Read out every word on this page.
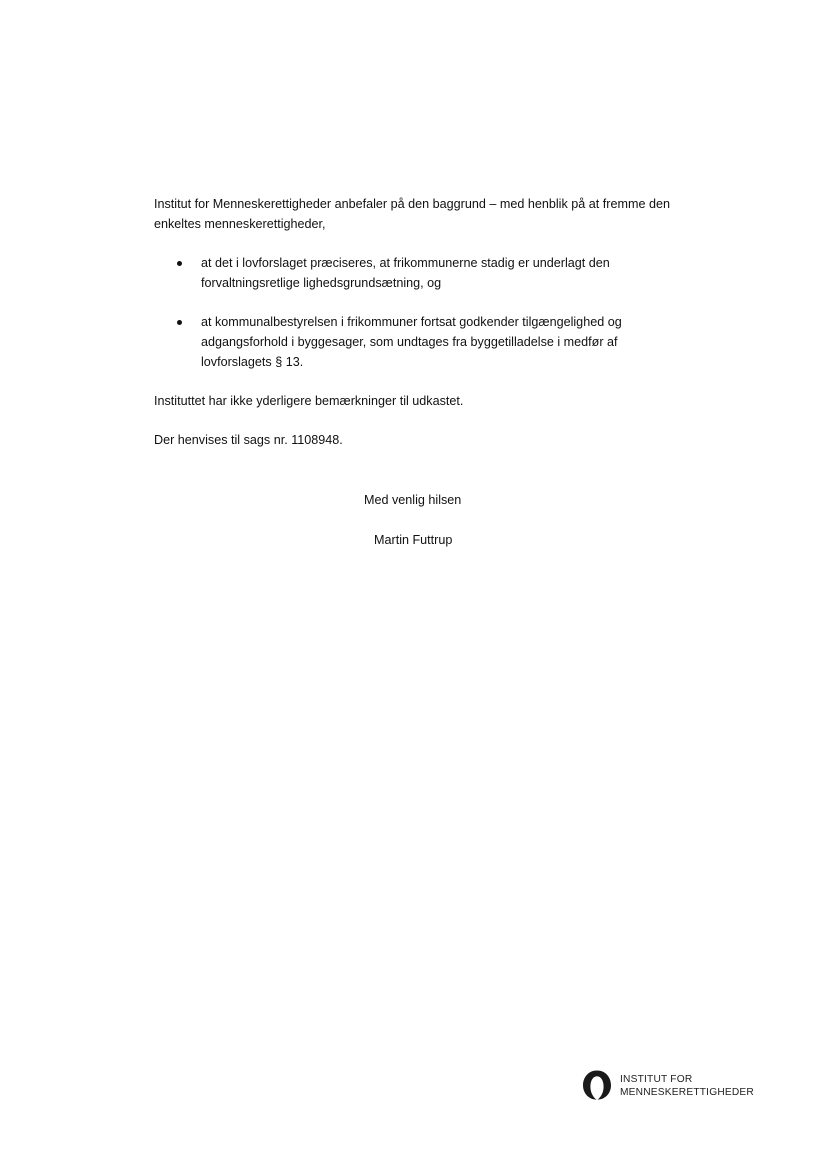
Institut for Menneskerettigheder anbefaler på den baggrund – med henblik på at fremme den enkeltes menneskerettigheder,
at det i lovforslaget præciseres, at frikommunerne stadig er underlagt den
forvaltningsretlige lighedsgrundsætning, og
at kommunalbestyrelsen i frikommuner fortsat godkender tilgængelighed og
adgangsforhold i byggesager, som undtages fra byggetilladelse i medfør af
lovforslagets § 13.
Instituttet har ikke yderligere bemærkninger til udkastet.
Der henvises til sags nr. 1108948.
Med venlig hilsen
Martin Futtrup
INSTITUT FOR
MENNESKERETTIGHEDER
